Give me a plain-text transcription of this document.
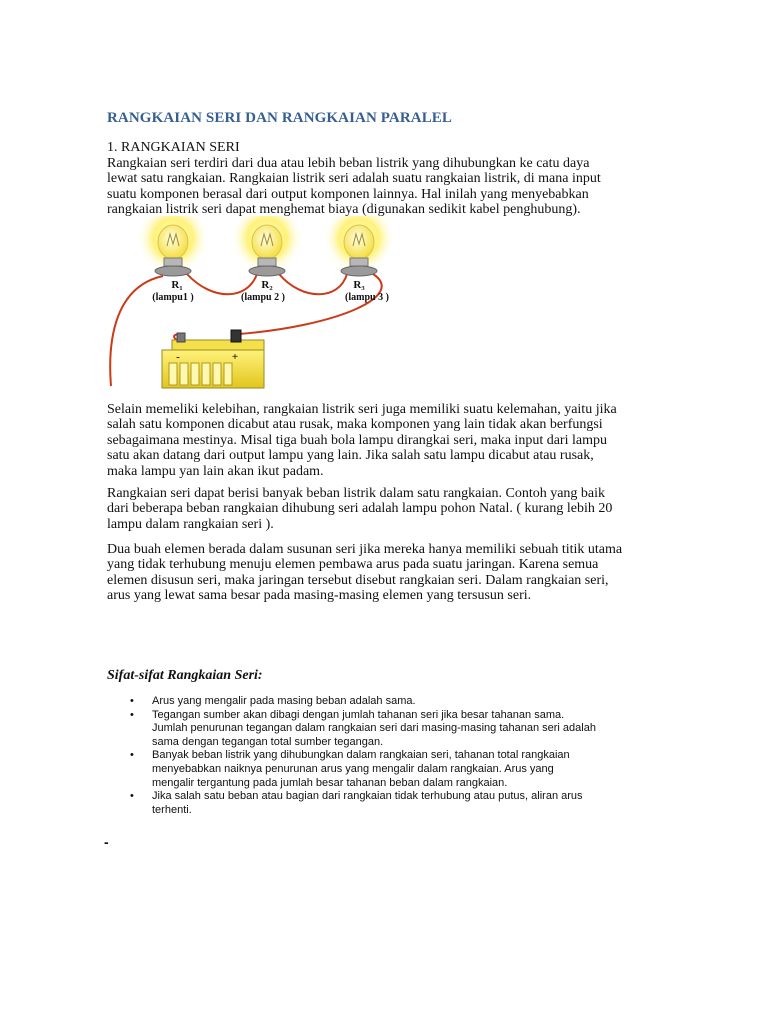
RANGKAIAN SERI DAN RANGKAIAN PARALEL
1. RANGKAIAN SERI

Rangkaian seri terdiri dari dua atau lebih beban listrik yang dihubungkan ke catu daya
lewat satu rangkaian. Rangkaian listrik seri adalah suatu rangkaian listrik, di mana input
suatu komponen berasal dari output komponen lainnya. Hal inilah yang menyebabkan
rangkaian listrik seri dapat menghemat biaya (digunakan sedikit kabel penghubung).

R₁
(lampu1 )
R₂
(lampu 2 )
R₃
(lampu 3 )
-	+

Selain memeliki kelebihan, rangkaian listrik seri juga memiliki suatu kelemahan, yaitu jika
salah satu komponen dicabut atau rusak, maka komponen yang lain tidak akan berfungsi
sebagaimana mestinya. Misal tiga buah bola lampu dirangkai seri, maka input dari lampu
satu akan datang dari output lampu yang lain. Jika salah satu lampu dicabut atau rusak,
maka lampu yan lain akan ikut padam.

Rangkaian seri dapat berisi banyak beban listrik dalam satu rangkaian. Contoh yang baik
dari beberapa beban rangkaian dihubung seri adalah lampu pohon Natal. ( kurang lebih 20
lampu dalam rangkaian seri ).

Dua buah elemen berada dalam susunan seri jika mereka hanya memiliki sebuah titik utama
yang tidak terhubung menuju elemen pembawa arus pada suatu jaringan. Karena semua
elemen disusun seri, maka jaringan tersebut disebut rangkaian seri. Dalam rangkaian seri,
arus yang lewat sama besar pada masing-masing elemen yang tersusun seri.

Sifat-sifat Rangkaian Seri:
• Arus yang mengalir pada masing beban adalah sama.
• Tegangan sumber akan dibagi dengan jumlah tahanan seri jika besar tahanan sama.
Jumlah penurunan tegangan dalam rangkaian seri dari masing-masing tahanan seri adalah
sama dengan tegangan total sumber tegangan.
• Banyak beban listrik yang dihubungkan dalam rangkaian seri, tahanan total rangkaian
menyebabkan naiknya penurunan arus yang mengalir dalam rangkaian. Arus yang
mengalir tergantung pada jumlah besar tahanan beban dalam rangkaian.
• Jika salah satu beban atau bagian dari rangkaian tidak terhubung atau putus, aliran arus
terhenti.
-
